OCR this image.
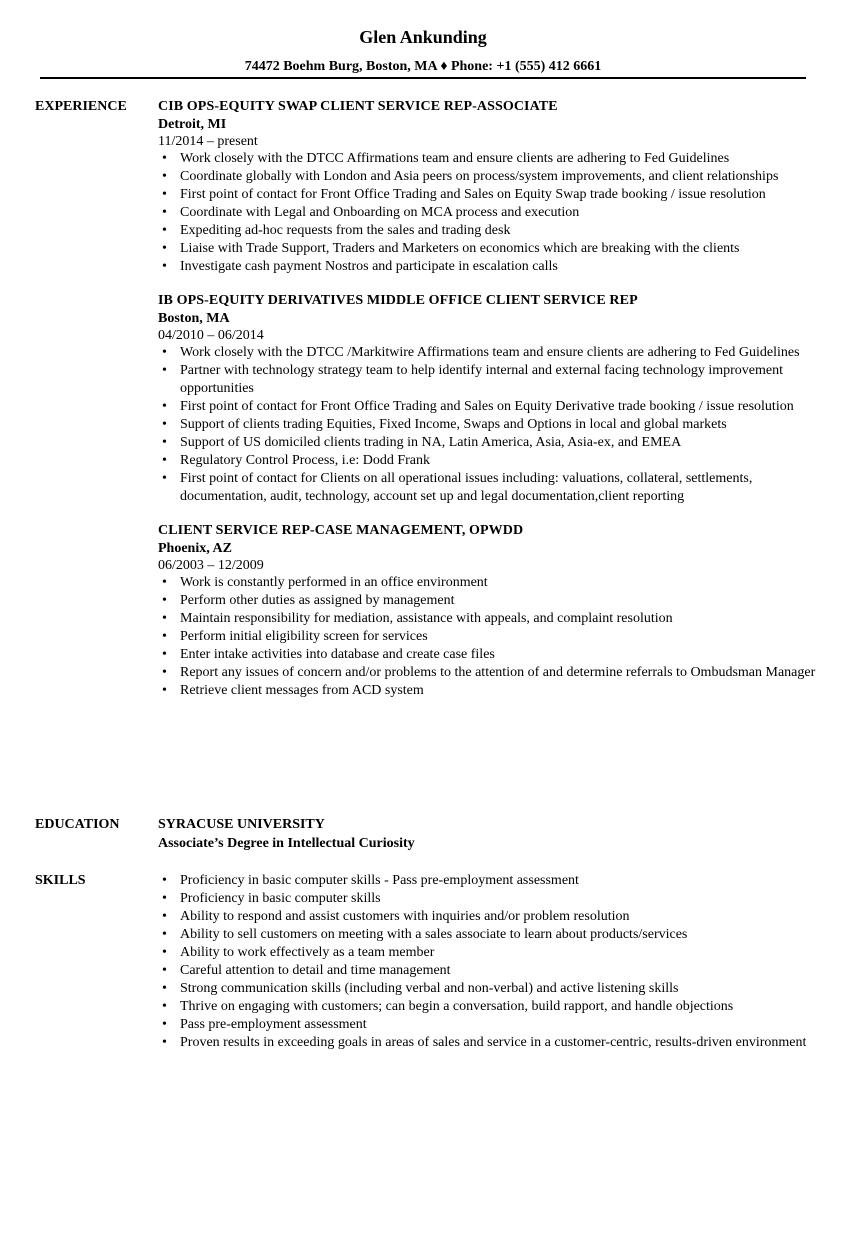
Glen Ankunding
74472 Boehm Burg, Boston, MA ♦ Phone: +1 (555) 412 6661
EXPERIENCE CIB OPS-EQUITY SWAP CLIENT SERVICE REP-ASSOCIATE
Detroit, MI
11/2014 – present
• Work closely with the DTCC Affirmations team and ensure clients are adhering to Fed Guidelines
• Coordinate globally with London and Asia peers on process/system improvements, and client relationships
• First point of contact for Front Office Trading and Sales on Equity Swap trade booking / issue resolution
• Coordinate with Legal and Onboarding on MCA process and execution
• Expediting ad-hoc requests from the sales and trading desk
• Liaise with Trade Support, Traders and Marketers on economics which are breaking with the clients
• Investigate cash payment Nostros and participate in escalation calls
IB OPS-EQUITY DERIVATIVES MIDDLE OFFICE CLIENT SERVICE REP
Boston, MA
04/2010 – 06/2014
• Work closely with the DTCC /Markitwire Affirmations team and ensure clients are adhering to Fed Guidelines
• Partner with technology strategy team to help identify internal and external facing technology improvement opportunities
• First point of contact for Front Office Trading and Sales on Equity Derivative trade booking / issue resolution
• Support of clients trading Equities, Fixed Income, Swaps and Options in local and global markets
• Support of US domiciled clients trading in NA, Latin America, Asia, Asia-ex, and EMEA
• Regulatory Control Process, i.e: Dodd Frank
• First point of contact for Clients on all operational issues including: valuations, collateral, settlements, documentation, audit, technology, account set up and legal documentation,client reporting
CLIENT SERVICE REP-CASE MANAGEMENT, OPWDD
Phoenix, AZ
06/2003 – 12/2009
• Work is constantly performed in an office environment
• Perform other duties as assigned by management
• Maintain responsibility for mediation, assistance with appeals, and complaint resolution
• Perform initial eligibility screen for services
• Enter intake activities into database and create case files
• Report any issues of concern and/or problems to the attention of and determine referrals to Ombudsman Manager
• Retrieve client messages from ACD system
EDUCATION	SYRACUSE UNIVERSITY
Associate’s Degree in Intellectual Curiosity
SKILLS	• Proficiency in basic computer skills - Pass pre-employment assessment
• Proficiency in basic computer skills
• Ability to respond and assist customers with inquiries and/or problem resolution
• Ability to sell customers on meeting with a sales associate to learn about products/services
• Ability to work effectively as a team member
• Careful attention to detail and time management
• Strong communication skills (including verbal and non-verbal) and active listening skills
• Thrive on engaging with customers; can begin a conversation, build rapport, and handle objections
• Pass pre-employment assessment
• Proven results in exceeding goals in areas of sales and service in a customer-centric, results-driven environment
